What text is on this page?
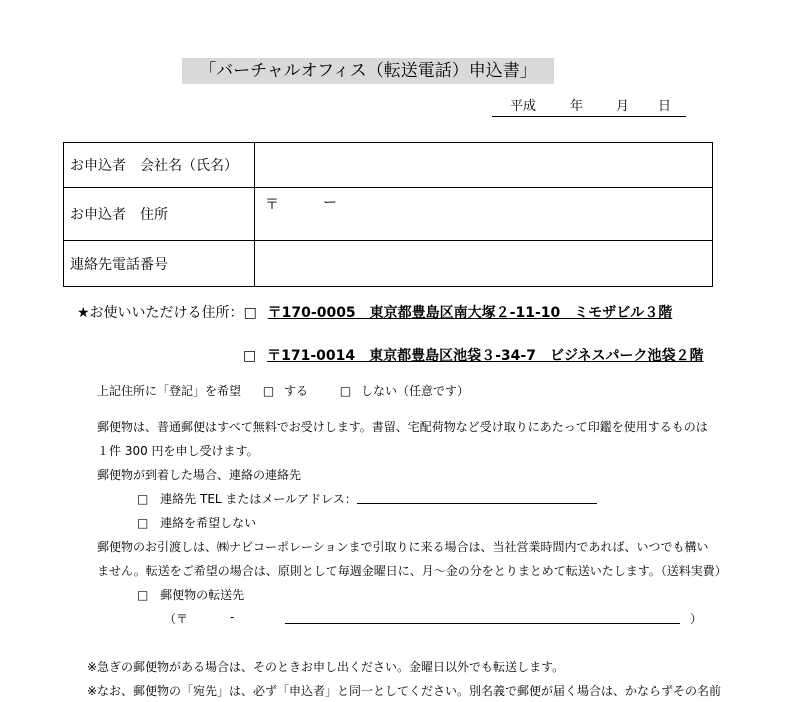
「バーチャルオフィス（転送電話）申込書」
平成	年	月 日
お申込者　会社名（氏名）	
お申込者　住所	〒 ー

連絡先電話番号	
★お使いいただける住所：□ 〒170-0005　東京都豊島区南大塚２-11-10　ミモザビル３階
□ 〒171-0014　東京都豊島区池袋３-34-7　ビジネスパーク池袋２階
上記住所に「登記」を希望 □ する	□ しない（任意です）
郵便物は、普通郵便はすべて無料でお受けします。書留、宅配荷物など受け取りにあたって印鑑を使用するものは
１件 300 円を申し受けます。
郵便物が到着した場合、連絡の連絡先
□ 連絡先 TEL またはメールアドレス：
□ 連絡を希望しない
郵便物のお引渡しは、㈱ナビコーポレーションまで引取りに来る場合は、当社営業時間内であれば、いつでも構い
ません。転送をご希望の場合は、原則として毎週金曜日に、月～金の分をとりまとめて転送いたします。（送料実費）
□ 郵便物の転送先
（〒	-	）
※急ぎの郵便物がある場合は、そのときお申し出ください。金曜日以外でも転送します。
※なお、郵便物の「宛先」は、必ず「申込者」と同一としてください。別名義で郵便が届く場合は、かならずその名前
